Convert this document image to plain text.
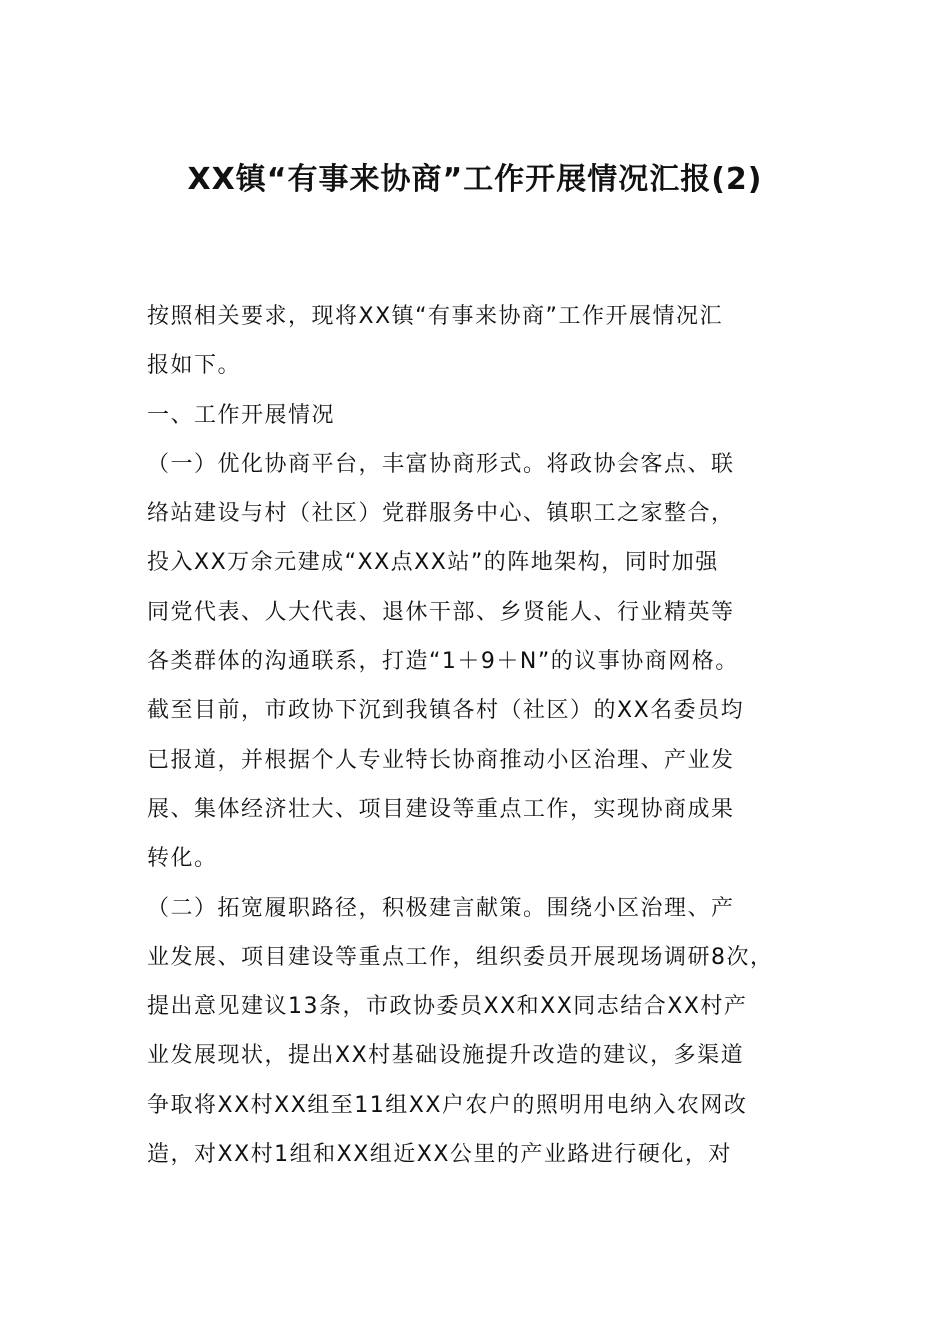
XX镇“有事来协商”工作开展情况汇报(2)

按照相关要求，现将XX镇“有事来协商”工作开展情况汇

报如下。

一、工作开展情况

（一）优化协商平台，丰富协商形式。将政协会客点、联

络站建设与村（社区）党群服务中心、镇职工之家整合，

投入XX万余元建成“XX点XX站”的阵地架构，同时加强

同党代表、人大代表、退休干部、乡贤能人、行业精英等

各类群体的沟通联系，打造“1＋9＋N”的议事协商网格。

截至目前，市政协下沉到我镇各村（社区）的XX名委员均

已报道，并根据个人专业特长协商推动小区治理、产业发

展、集体经济壮大、项目建设等重点工作，实现协商成果

转化。

（二）拓宽履职路径，积极建言献策。围绕小区治理、产

业发展、项目建设等重点工作，组织委员开展现场调研8次，

提出意见建议13条，市政协委员XX和XX同志结合XX村产

业发展现状，提出XX村基础设施提升改造的建议，多渠道

争取将XX村XX组至11组XX户农户的照明用电纳入农网改

造，对XX村1组和XX组近XX公里的产业路进行硬化，对
